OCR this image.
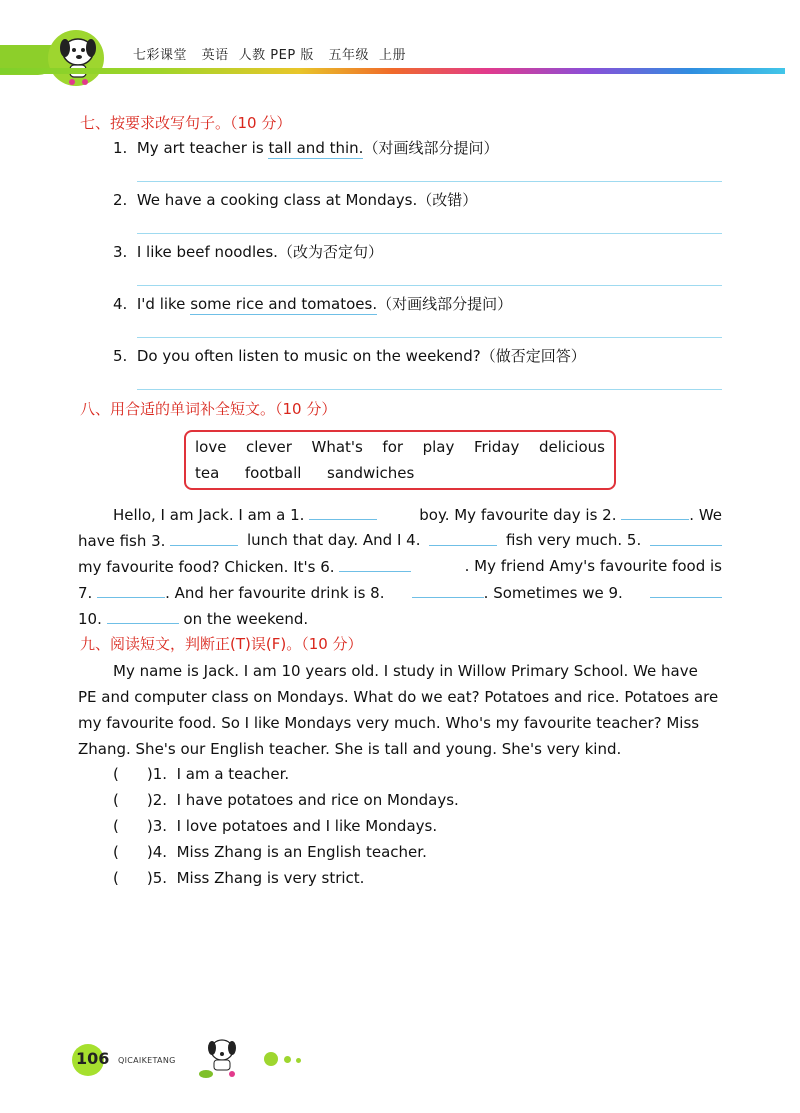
七彩课堂 英语 人教 PEP 版 五年级 上册
七、按要求改写句子。（10 分）
1. My art teacher is tall and thin.（对画线部分提问）
2. We have a cooking class at Mondays.（改错）
3. I like beef noodles.（改为否定句）
4. I'd like some rice and tomatoes.（对画线部分提问）
5. Do you often listen to music on the weekend?（做否定回答）
八、用合适的单词补全短文。（10 分）
love clever What's for play Friday delicious
tea football sandwiches
Hello, I am Jack. I am a 1.	boy. My favourite day is 2.	. We
have fish 3.	lunch that day. And I 4.	fish very much. 5.
my favourite food? Chicken. It's 6.	. My friend Amy's favourite food is
7.	. And her favourite drink is 8.	. Sometimes we 9.
10.	on the weekend.
九、阅读短文，判断正(T)误(F)。（10 分）
My name is Jack. I am 10 years old. I study in Willow Primary School. We have
PE and computer class on Mondays. What do we eat? Potatoes and rice. Potatoes are
my favourite food. So I like Mondays very much. Who's my favourite teacher? Miss
Zhang. She's our English teacher. She is tall and young. She's very kind.
( )1. I am a teacher.
( )2. I have potatoes and rice on Mondays.
( )3. I love potatoes and I like Mondays.
( )4. Miss Zhang is an English teacher.
( )5. Miss Zhang is very strict.
106 QICAIKETANG
